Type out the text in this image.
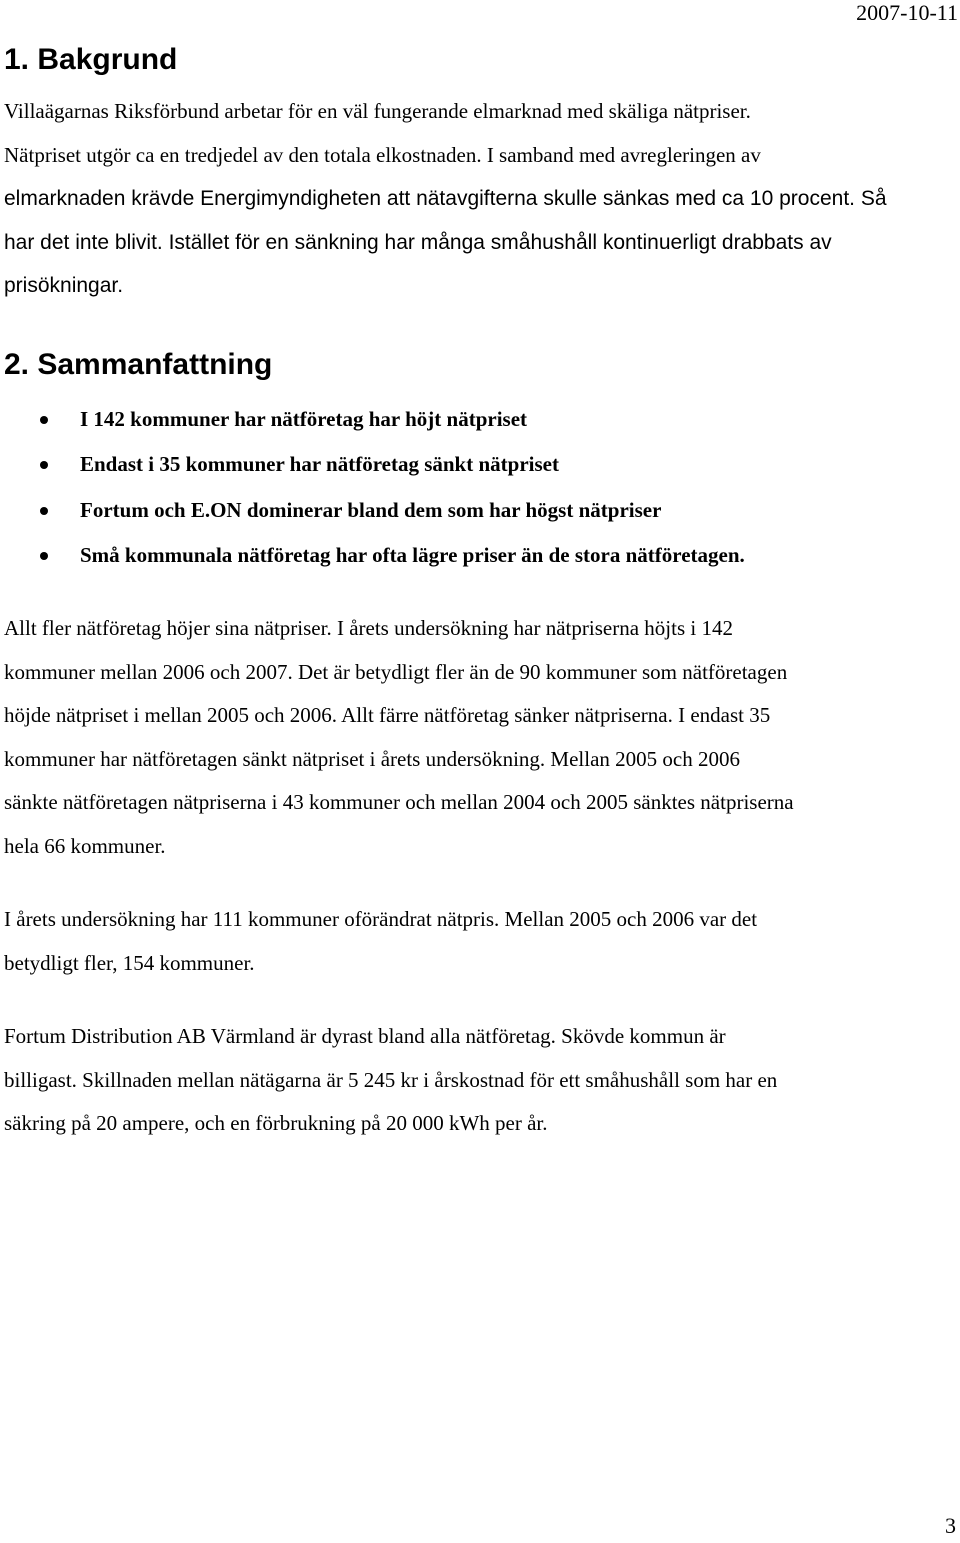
2007-10-11
1. Bakgrund
Villaägarnas Riksförbund arbetar för en väl fungerande elmarknad med skäliga nätpriser.
Nätpriset utgör ca en tredjedel av den totala elkostnaden. I samband med avregleringen av
elmarknaden krävde Energimyndigheten att nätavgifterna skulle sänkas med ca 10 procent. Så
har det inte blivit. Istället för en sänkning har många småhushåll kontinuerligt drabbats av
prisökningar.
2. Sammanfattning
I 142 kommuner har nätföretag har höjt nätpriset
Endast i 35 kommuner har nätföretag sänkt nätpriset
Fortum och E.ON dominerar bland dem som har högst nätpriser
Små kommunala nätföretag har ofta lägre priser än de stora nätföretagen.
Allt fler nätföretag höjer sina nätpriser. I årets undersökning har nätpriserna höjts i 142
kommuner mellan 2006 och 2007. Det är betydligt fler än de 90 kommuner som nätföretagen
höjde nätpriset i mellan 2005 och 2006. Allt färre nätföretag sänker nätpriserna. I endast 35
kommuner har nätföretagen sänkt nätpriset i årets undersökning. Mellan 2005 och 2006
sänkte nätföretagen nätpriserna i 43 kommuner och mellan 2004 och 2005 sänktes nätpriserna
hela 66 kommuner.
I årets undersökning har 111 kommuner oförändrat nätpris. Mellan 2005 och 2006 var det
betydligt fler, 154 kommuner.
Fortum Distribution AB Värmland är dyrast bland alla nätföretag. Skövde kommun är
billigast. Skillnaden mellan nätägarna är 5 245 kr i årskostnad för ett småhushåll som har en
säkring på 20 ampere, och en förbrukning på 20 000 kWh per år.
3
